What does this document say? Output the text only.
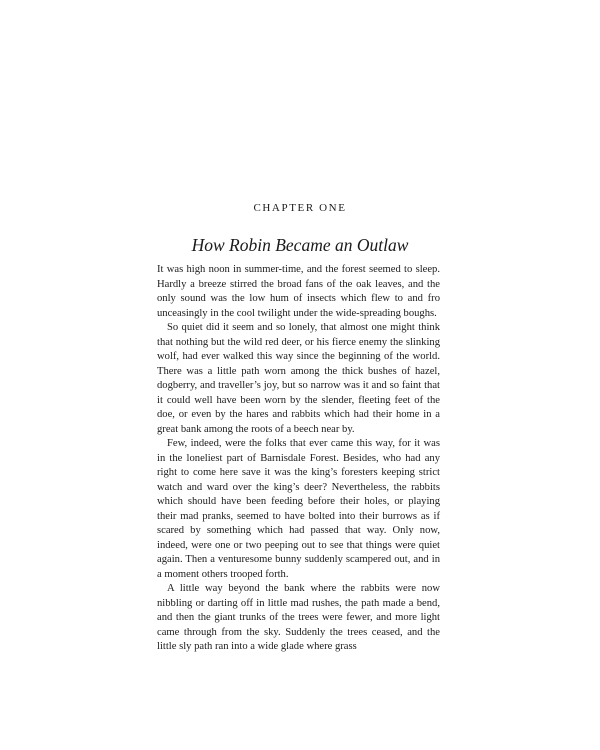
CHAPTER ONE
How Robin Became an Outlaw

It was high noon in summer-time, and the forest seemed to sleep. Hardly a breeze stirred the broad fans of the oak leaves, and the only sound was the low hum of insects which flew to and fro unceasingly in the cool twilight under the wide-spreading boughs.

So quiet did it seem and so lonely, that almost one might think that nothing but the wild red deer, or his fierce enemy the slinking wolf, had ever walked this way since the beginning of the world. There was a little path worn among the thick bushes of hazel, dogberry, and traveller’s joy, but so narrow was it and so faint that it could well have been worn by the slender, fleeting feet of the doe, or even by the hares and rabbits which had their home in a great bank among the roots of a beech near by.

Few, indeed, were the folks that ever came this way, for it was in the loneliest part of Barnisdale Forest. Besides, who had any right to come here save it was the king’s foresters keeping strict watch and ward over the king’s deer? Nevertheless, the rabbits which should have been feeding before their holes, or playing their mad pranks, seemed to have bolted into their burrows as if scared by something which had passed that way. Only now, indeed, were one or two peeping out to see that things were quiet again. Then a venturesome bunny suddenly scampered out, and in a moment others trooped forth.

A little way beyond the bank where the rabbits were now nibbling or darting off in little mad rushes, the path made a bend, and then the giant trunks of the trees were fewer, and more light came through from the sky. Suddenly the trees ceased, and the little sly path ran into a wide glade where grass
